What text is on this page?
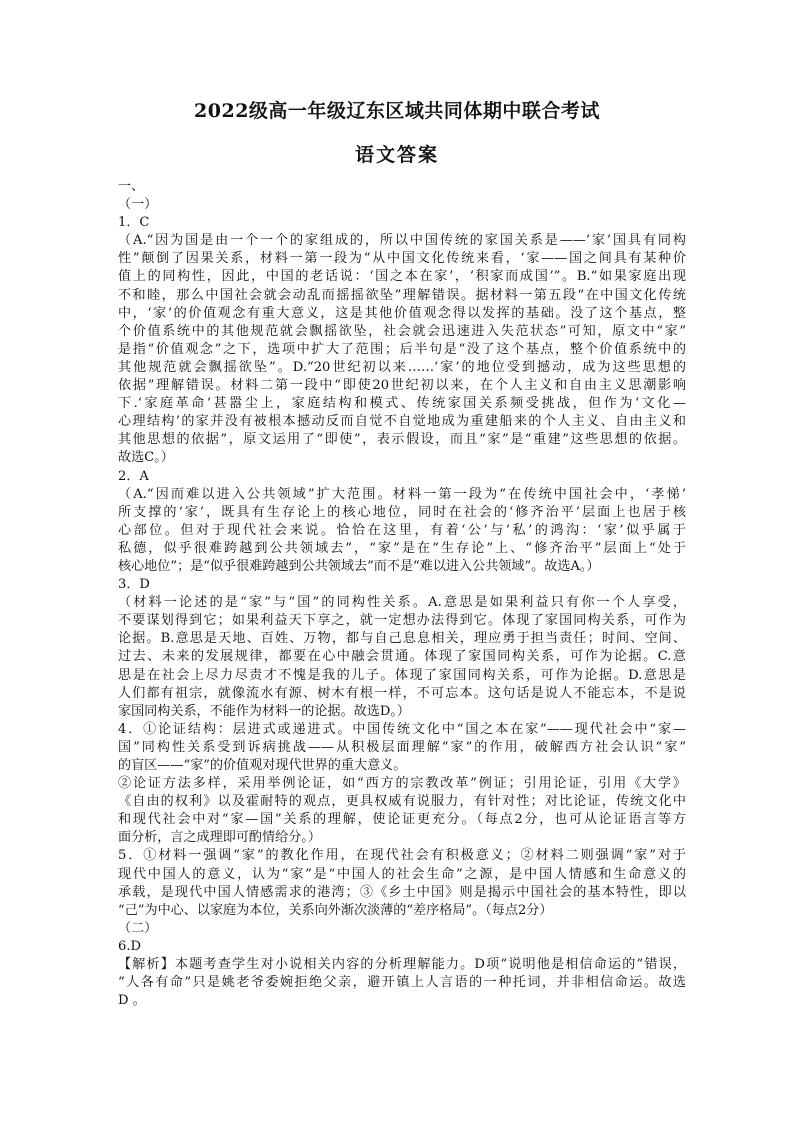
2022级高一年级辽东区域共同体期中联合考试
语文答案
一、
（一）
1．C
（A.“因为国是由一个一个的家组成的，所以中国传统的家国关系是——‘家’国具有同构
性”颠倒了因果关系，材料一第一段为“从中国文化传统来看，‘家——国之间具有某种价
值上的同构性，因此，中国的老话说：‘国之本在家’，‘积家而成国’”。B.“如果家庭出现
不和睦，那么中国社会就会动乱而摇摇欲坠”理解错误。据材料一第五段“在中国文化传统
中，‘家’的价值观念有重大意义，这是其他价值观念得以发挥的基础。没了这个基点，整
个价值系统中的其他规范就会飘摇欲坠，社会就会迅速进入失范状态”可知，原文中“家”
是指“价值观念”之下，选项中扩大了范围；后半句是“没了这个基点，整个价值系统中的
其他规范就会飘摇欲坠”。D.“20世纪初以来……‘家’的地位受到撼动，成为这些思想的
依据”理解错误。材料二第一段中“即使20世纪初以来，在个人主义和自由主义思潮影响
下.‘家庭革命’甚嚣尘上，家庭结构和模式、传统家国关系频受挑战，但作为‘文化—
心理结构’的家并没有被根本撼动反而自觉不自觉地成为重建船来的个人主义、自由主义和
其他思想的依据”，原文运用了“即使”，表示假设，而且“家”是“重建”这些思想的依据。
故选C。）
2．A
（A.“因而难以进入公共领域”扩大范围。材料一第一段为“在传统中国社会中，‘孝悌’
所支撑的‘家’，既具有生存论上的核心地位，同时在社会的‘修齐治平’层面上也居于核
心部位。但对于现代社会来说。恰恰在这里，有着‘公’与‘私’的鸿沟：‘家’似乎属于
私德，似乎很难跨越到公共领域去”，“家”是在“生存论”上、“修齐治平”层面上“处于
核心地位”；是“似乎很难跨越到公共领域去”而不是“难以进入公共领域”。故选A。）
3．D
（材料一论述的是“家”与“国”的同构性关系。A.意思是如果利益只有你一个人享受，
不要谋划得到它；如果利益天下享之，就一定想办法得到它。体现了家国同构关系，可作为
论据。B.意思是天地、百姓、万物，都与自己息息相关，理应勇于担当责任；时间、空间、
过去、未来的发展规律，都要在心中融会贯通。体现了家国同构关系，可作为论据。C.意
思是在社会上尽力尽责才不愧是我的儿子。体现了家国同构关系，可作为论据。D.意思是
人们都有祖宗，就像流水有源、树木有根一样，不可忘本。这句话是说人不能忘本，不是说
家国同构关系，不能作为材料一的论据。故选D。）
4．①论证结构：层进式或递进式。中国传统文化中“国之本在家”——现代社会中“家—
国”同构性关系受到诉病挑战——从积极层面理解“家”的作用，破解西方社会认识“家”
的盲区——“家”的价值观对现代世界的重大意义。
②论证方法多样，采用举例论证，如“西方的宗教改革”例证；引用论证，引用《大学》
《自由的权利》以及霍耐特的观点，更具权威有说服力，有针对性；对比论证，传统文化中
和现代社会中对“家—国”关系的理解，使论证更充分。（每点2分，也可从论证语言等方
面分析，言之成理即可酌情给分。）
5．①材料一强调“家”的教化作用，在现代社会有积极意义；②材料二则强调“家”对于
现代中国人的意义，认为“家”是“中国人的社会生命”之源，是中国人情感和生命意义的
承载，是现代中国人情感需求的港湾；③《乡土中国》则是揭示中国社会的基本特性，即以
“己”为中心、以家庭为本位，关系向外渐次淡薄的“差序格局”。（每点2分）
（二）
6.D
【解析】本题考查学生对小说相关内容的分析理解能力。D项“说明他是相信命运的”错误，
“人各有命”只是姚老爷委婉拒绝父亲，避开镇上人言语的一种托词，并非相信命运。故选
D 。
